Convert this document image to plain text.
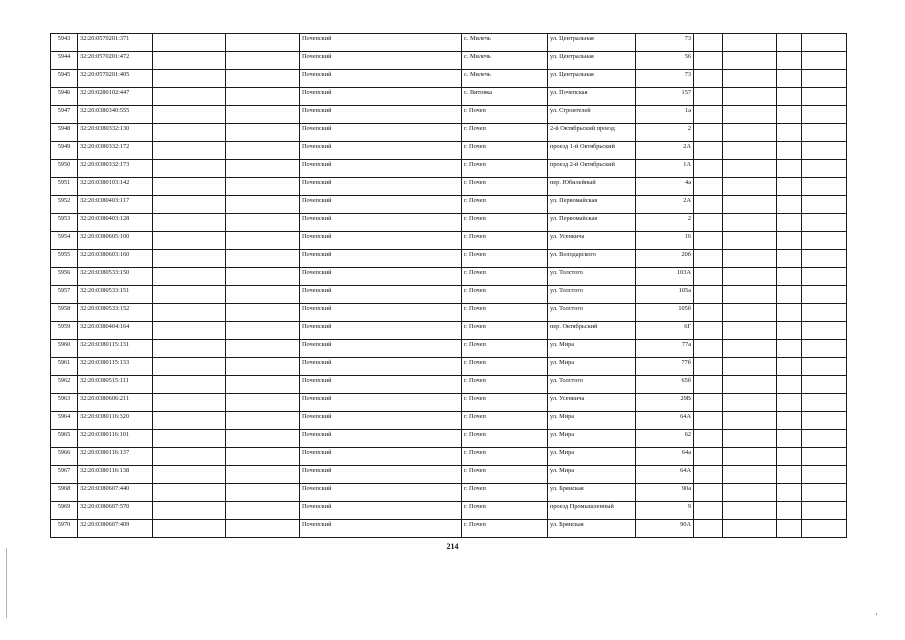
5943	32:20:0570201:371			Почепский	с. Милечь	ул. Центральная	73				
5944	32:20:0570201:472			Почепский	с. Милечь	ул. Центральная	56				
5945	32:20:0570201:405			Почепский	с. Милечь	ул. Центральная	73				
5946	32:20:0280102:447			Почепский	с. Витовка	ул. Почепская	157				
5947	32:20:0380340:555			Почепский	г. Почеп	ул. Строителей	1а				
5948	32:20:0380332:130			Почепский	г. Почеп	2-й Октябрьский проезд	2				
5949	32:20:0380332:172			Почепский	г. Почеп	проезд 1-й Октябрьский	2А				
5950	32:20:0380332:173			Почепский	г. Почеп	проезд 2-й Октябрьский	1А				
5951	32:20:0380103:142			Почепский	г. Почеп	пер. Юбилейный	4а				
5952	32:20:0380403:117			Почепский	г. Почеп	ул. Первомайская	2А				
5953	32:20:0380403:128			Почепский	г. Почеп	ул. Первомайская	2				
5954	32:20:0380605:100			Почепский	г. Почеп	ул. Усенкича	16				
5955	32:20:0380603:160			Почепский	г. Почеп	ул. Володарского	20б				
5956	32:20:0380533:150			Почепский	г. Почеп	ул. Толстого	103А				
5957	32:20:0380533:151			Почепский	г. Почеп	ул. Толстого	105а				
5958	32:20:0380533:152			Почепский	г. Почеп	ул. Толстого	105б				
5959	32:20:0380404:164			Почепский	г. Почеп	пер. Октябрьский	6Г				
5960	32:20:0380115:131			Почепский	г. Почеп	ул. Мира	77а				
5961	32:20:0380115:133			Почепский	г. Почеп	ул. Мира	77б				
5962	32:20:0380515:111			Почепский	г. Почеп	ул. Толстого	65б				
5963	32:20:0380606:211			Почепский	г. Почеп	ул. Усенкича	29В				
5964	32:20:0380116:320			Почепский	г. Почеп	ул. Мира	64А				
5965	32:20:0380116:101			Почепский	г. Почеп	ул. Мира	62				
5966	32:20:0380116:137			Почепский	г. Почеп	ул. Мира	64а				
5967	32:20:0380116:138			Почепский	г. Почеп	ул. Мира	64А				
5968	32:20:0380607:440			Почепский	г. Почеп	ул. Брянская	90а				
5969	32:20:0380607:570			Почепский	г. Почеп	проезд Промышленный	9				
5970	32:20:0380607:409			Почепский	г. Почеп	ул. Брянская	90А				
214
